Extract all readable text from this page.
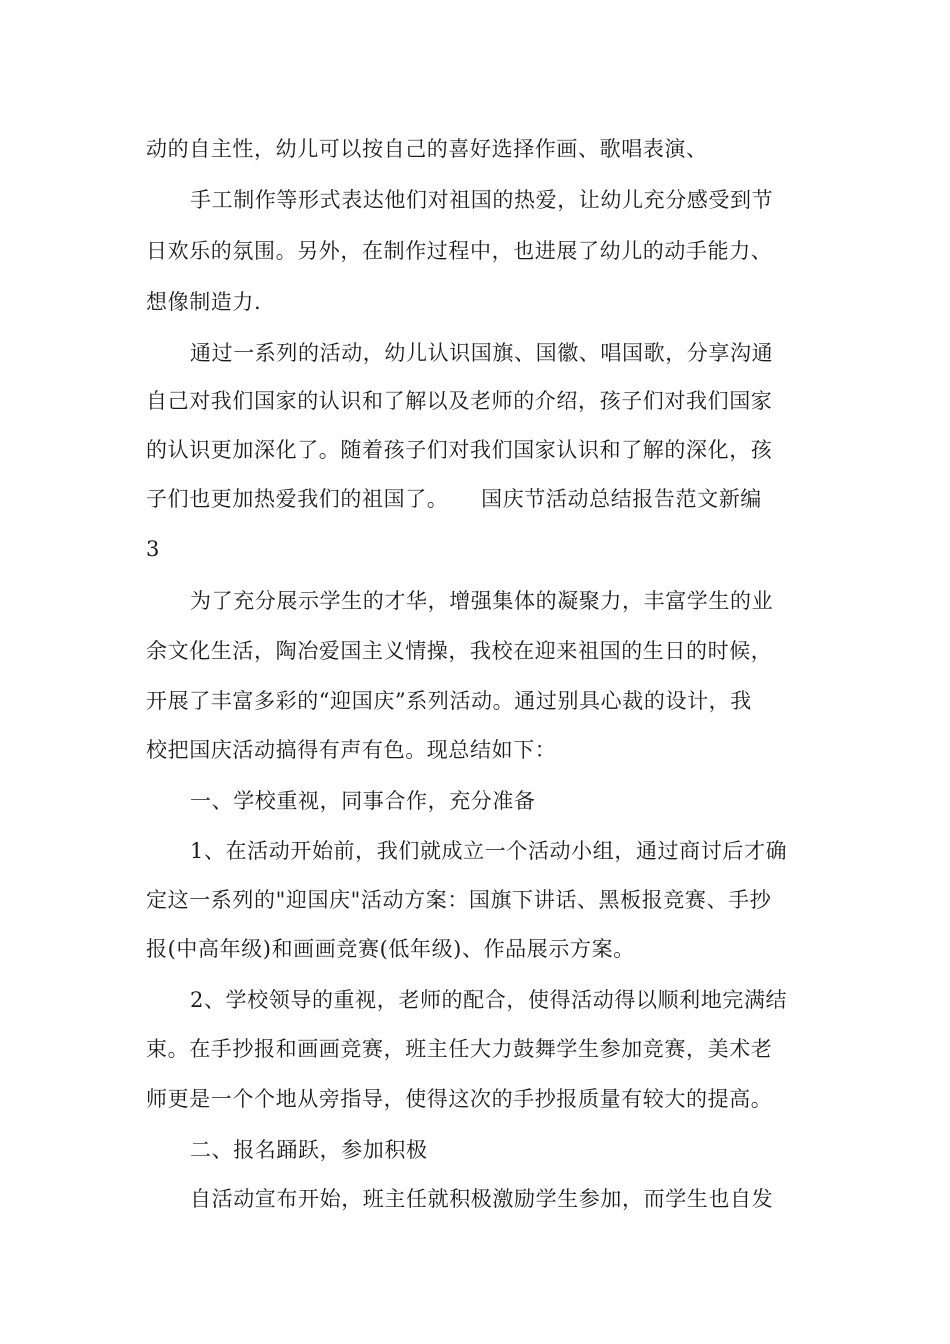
动的自主性，幼儿可以按自己的喜好选择作画、歌唱表演、
手工制作等形式表达他们对祖国的热爱，让幼儿充分感受到节
日欢乐的氛围。另外，在制作过程中，也进展了幼儿的动手能力、
想像制造力.
通过一系列的活动，幼儿认识国旗、国徽、唱国歌，分享沟通
自己对我们国家的认识和了解以及老师的介绍，孩子们对我们国家
的认识更加深化了。随着孩子们对我们国家认识和了解的深化，孩
子们也更加热爱我们的祖国了。　　国庆节活动总结报告范文新编
3
为了充分展示学生的才华，增强集体的凝聚力，丰富学生的业
余文化生活，陶冶爱国主义情操，我校在迎来祖国的生日的时候，
开展了丰富多彩的“迎国庆”系列活动。通过别具心裁的设计，我
校把国庆活动搞得有声有色。现总结如下：
一、学校重视，同事合作，充分准备
1、在活动开始前，我们就成立一个活动小组，通过商讨后才确
定这一系列的"迎国庆"活动方案：国旗下讲话、黑板报竞赛、手抄
报(中高年级)和画画竞赛(低年级)、作品展示方案。
2、学校领导的重视，老师的配合，使得活动得以顺利地完满结
束。在手抄报和画画竞赛，班主任大力鼓舞学生参加竞赛，美术老
师更是一个个地从旁指导，使得这次的手抄报质量有较大的提高。
二、报名踊跃，参加积极
自活动宣布开始，班主任就积极激励学生参加，而学生也自发
